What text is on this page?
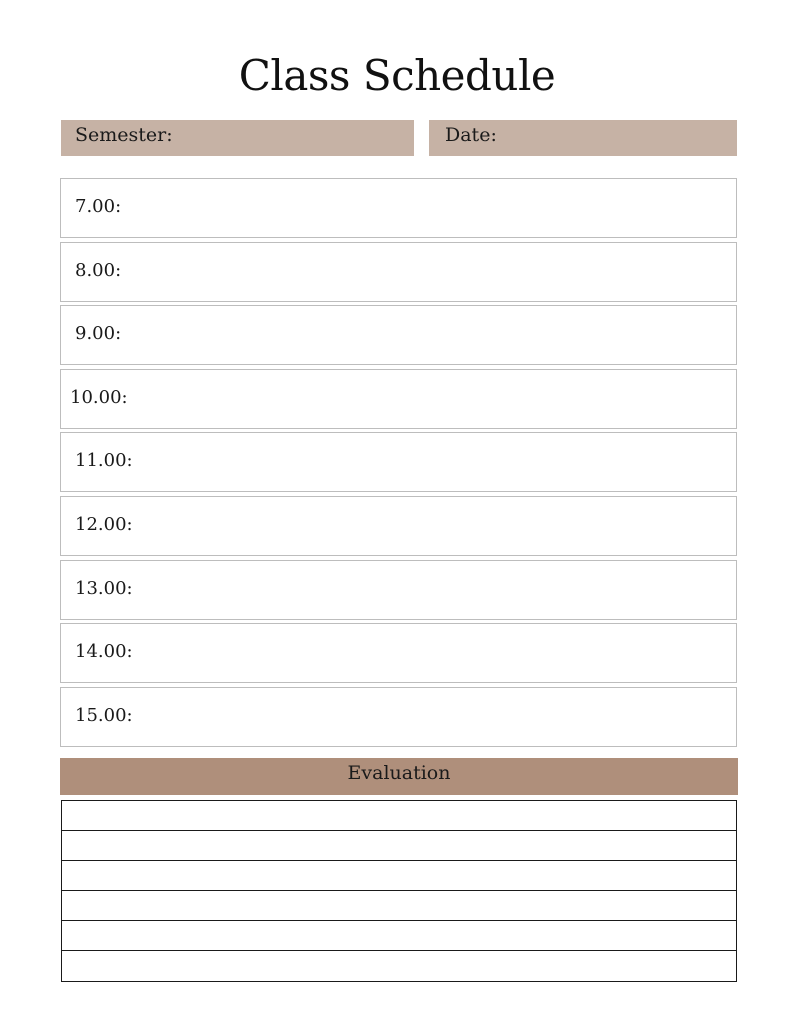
Class Schedule
Semester:	Date:
7.00:
8.00:
9.00:
10.00:
11.00:
12.00:
13.00:
14.00:
15.00:
Evaluation
